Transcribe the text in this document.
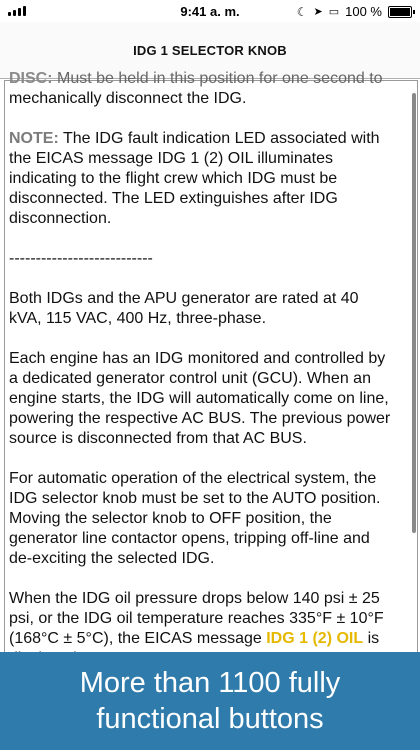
9:41 a. m.	☾ ➤ ▭ 100 %
IDG 1 SELECTOR KNOB

DISC: Must be held in this position for one second to
mechanically disconnect the IDG.

NOTE: The IDG fault indication LED associated with the EICAS message IDG 1 (2) OIL illuminates indicating to the flight crew which IDG must be disconnected. The LED extinguishes after IDG disconnection.

---------------------------

Both IDGs and the APU generator are rated at 40 kVA, 115 VAC, 400 Hz, three-phase.

Each engine has an IDG monitored and controlled by a dedicated generator control unit (GCU). When an engine starts, the IDG will automatically come on line, powering the respective AC BUS. The previous power source is disconnected from that AC BUS.

For automatic operation of the electrical system, the IDG selector knob must be set to the AUTO position. Moving the selector knob to OFF position, the generator line contactor opens, tripping off-line and de-exciting the selected IDG.

When the IDG oil pressure drops below 140 psi ± 25 psi, or the IDG oil temperature reaches 335°F ± 10°F (168°C ± 5°C), the EICAS message IDG 1 (2) OIL is

More than 1100 fully
functional buttons
